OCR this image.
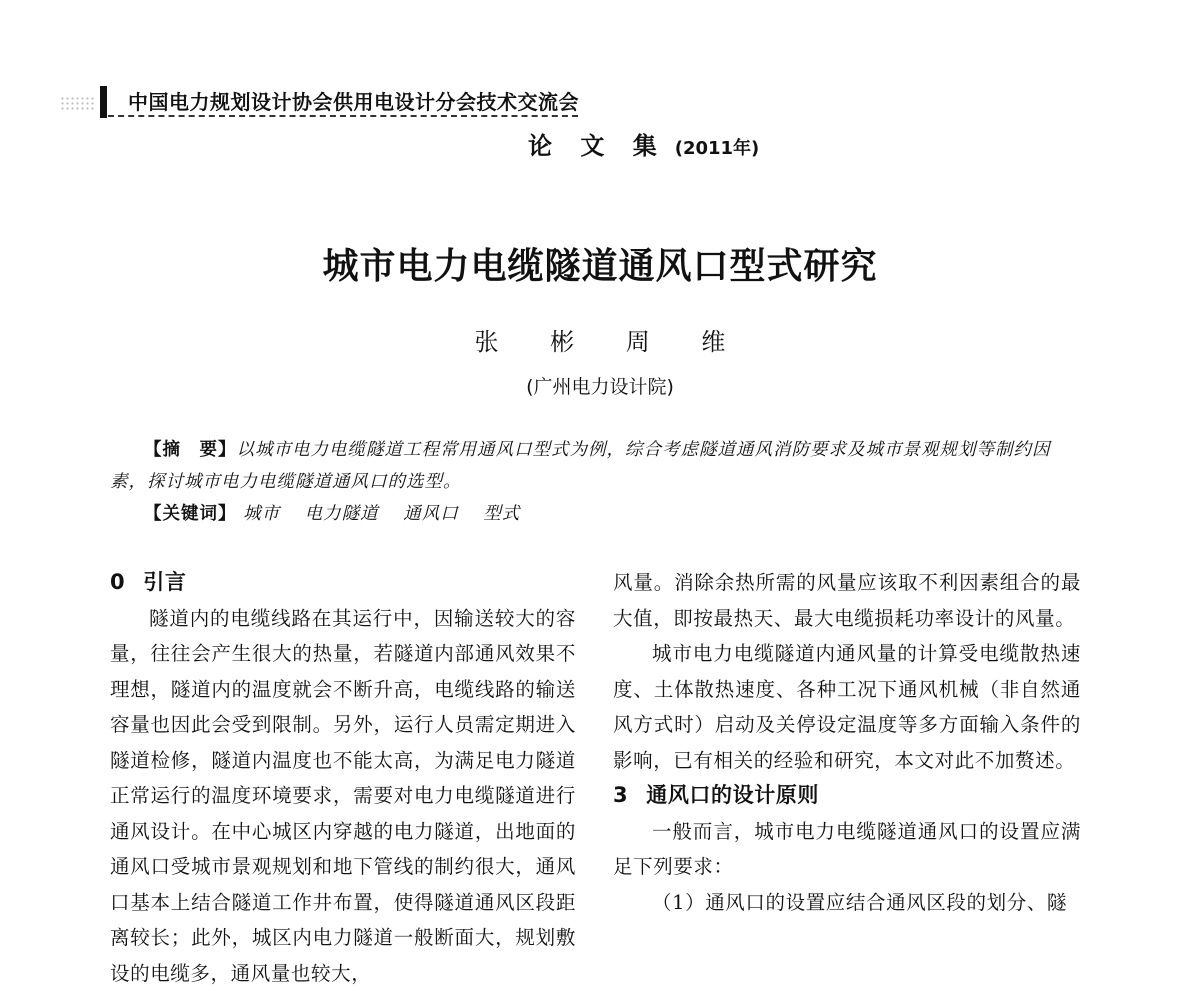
中国电力规划设计协会供用电设计分会技术交流会
论 文 集 (2011年)
城市电力电缆隧道通风口型式研究
张 彬 周 维
(广州电力设计院)
【摘　要】以城市电力电缆隧道工程常用通风口型式为例，综合考虑隧道通风消防要求及城市景观规划等制约因素，探讨城市电力电缆隧道通风口的选型。
【关键词】 城市 电力隧道 通风口 型式
0 引言

隧道内的电缆线路在其运行中，因输送较大的容量，往往会产生很大的热量，若隧道内部通风效果不理想，隧道内的温度就会不断升高，电缆线路的输送容量也因此会受到限制。另外，运行人员需定期进入隧道检修，隧道内温度也不能太高，为满足电力隧道正常运行的温度环境要求，需要对电力电缆隧道进行通风设计。在中心城区内穿越的电力隧道，出地面的通风口受城市景观规划和地下管线的制约很大，通风口基本上结合隧道工作井布置，使得隧道通风区段距离较长；此外，城区内电力隧道一般断面大，规划敷设的电缆多，通风量也较大，

风量。消除余热所需的风量应该取不利因素组合的最大值，即按最热天、最大电缆损耗功率设计的风量。

城市电力电缆隧道内通风量的计算受电缆散热速度、土体散热速度、各种工况下通风机械（非自然通风方式时）启动及关停设定温度等多方面输入条件的影响，已有相关的经验和研究，本文对此不加赘述。

3 通风口的设计原则

一般而言，城市电力电缆隧道通风口的设置应满足下列要求：

（1）通风口的设置应结合通风区段的划分、隧
